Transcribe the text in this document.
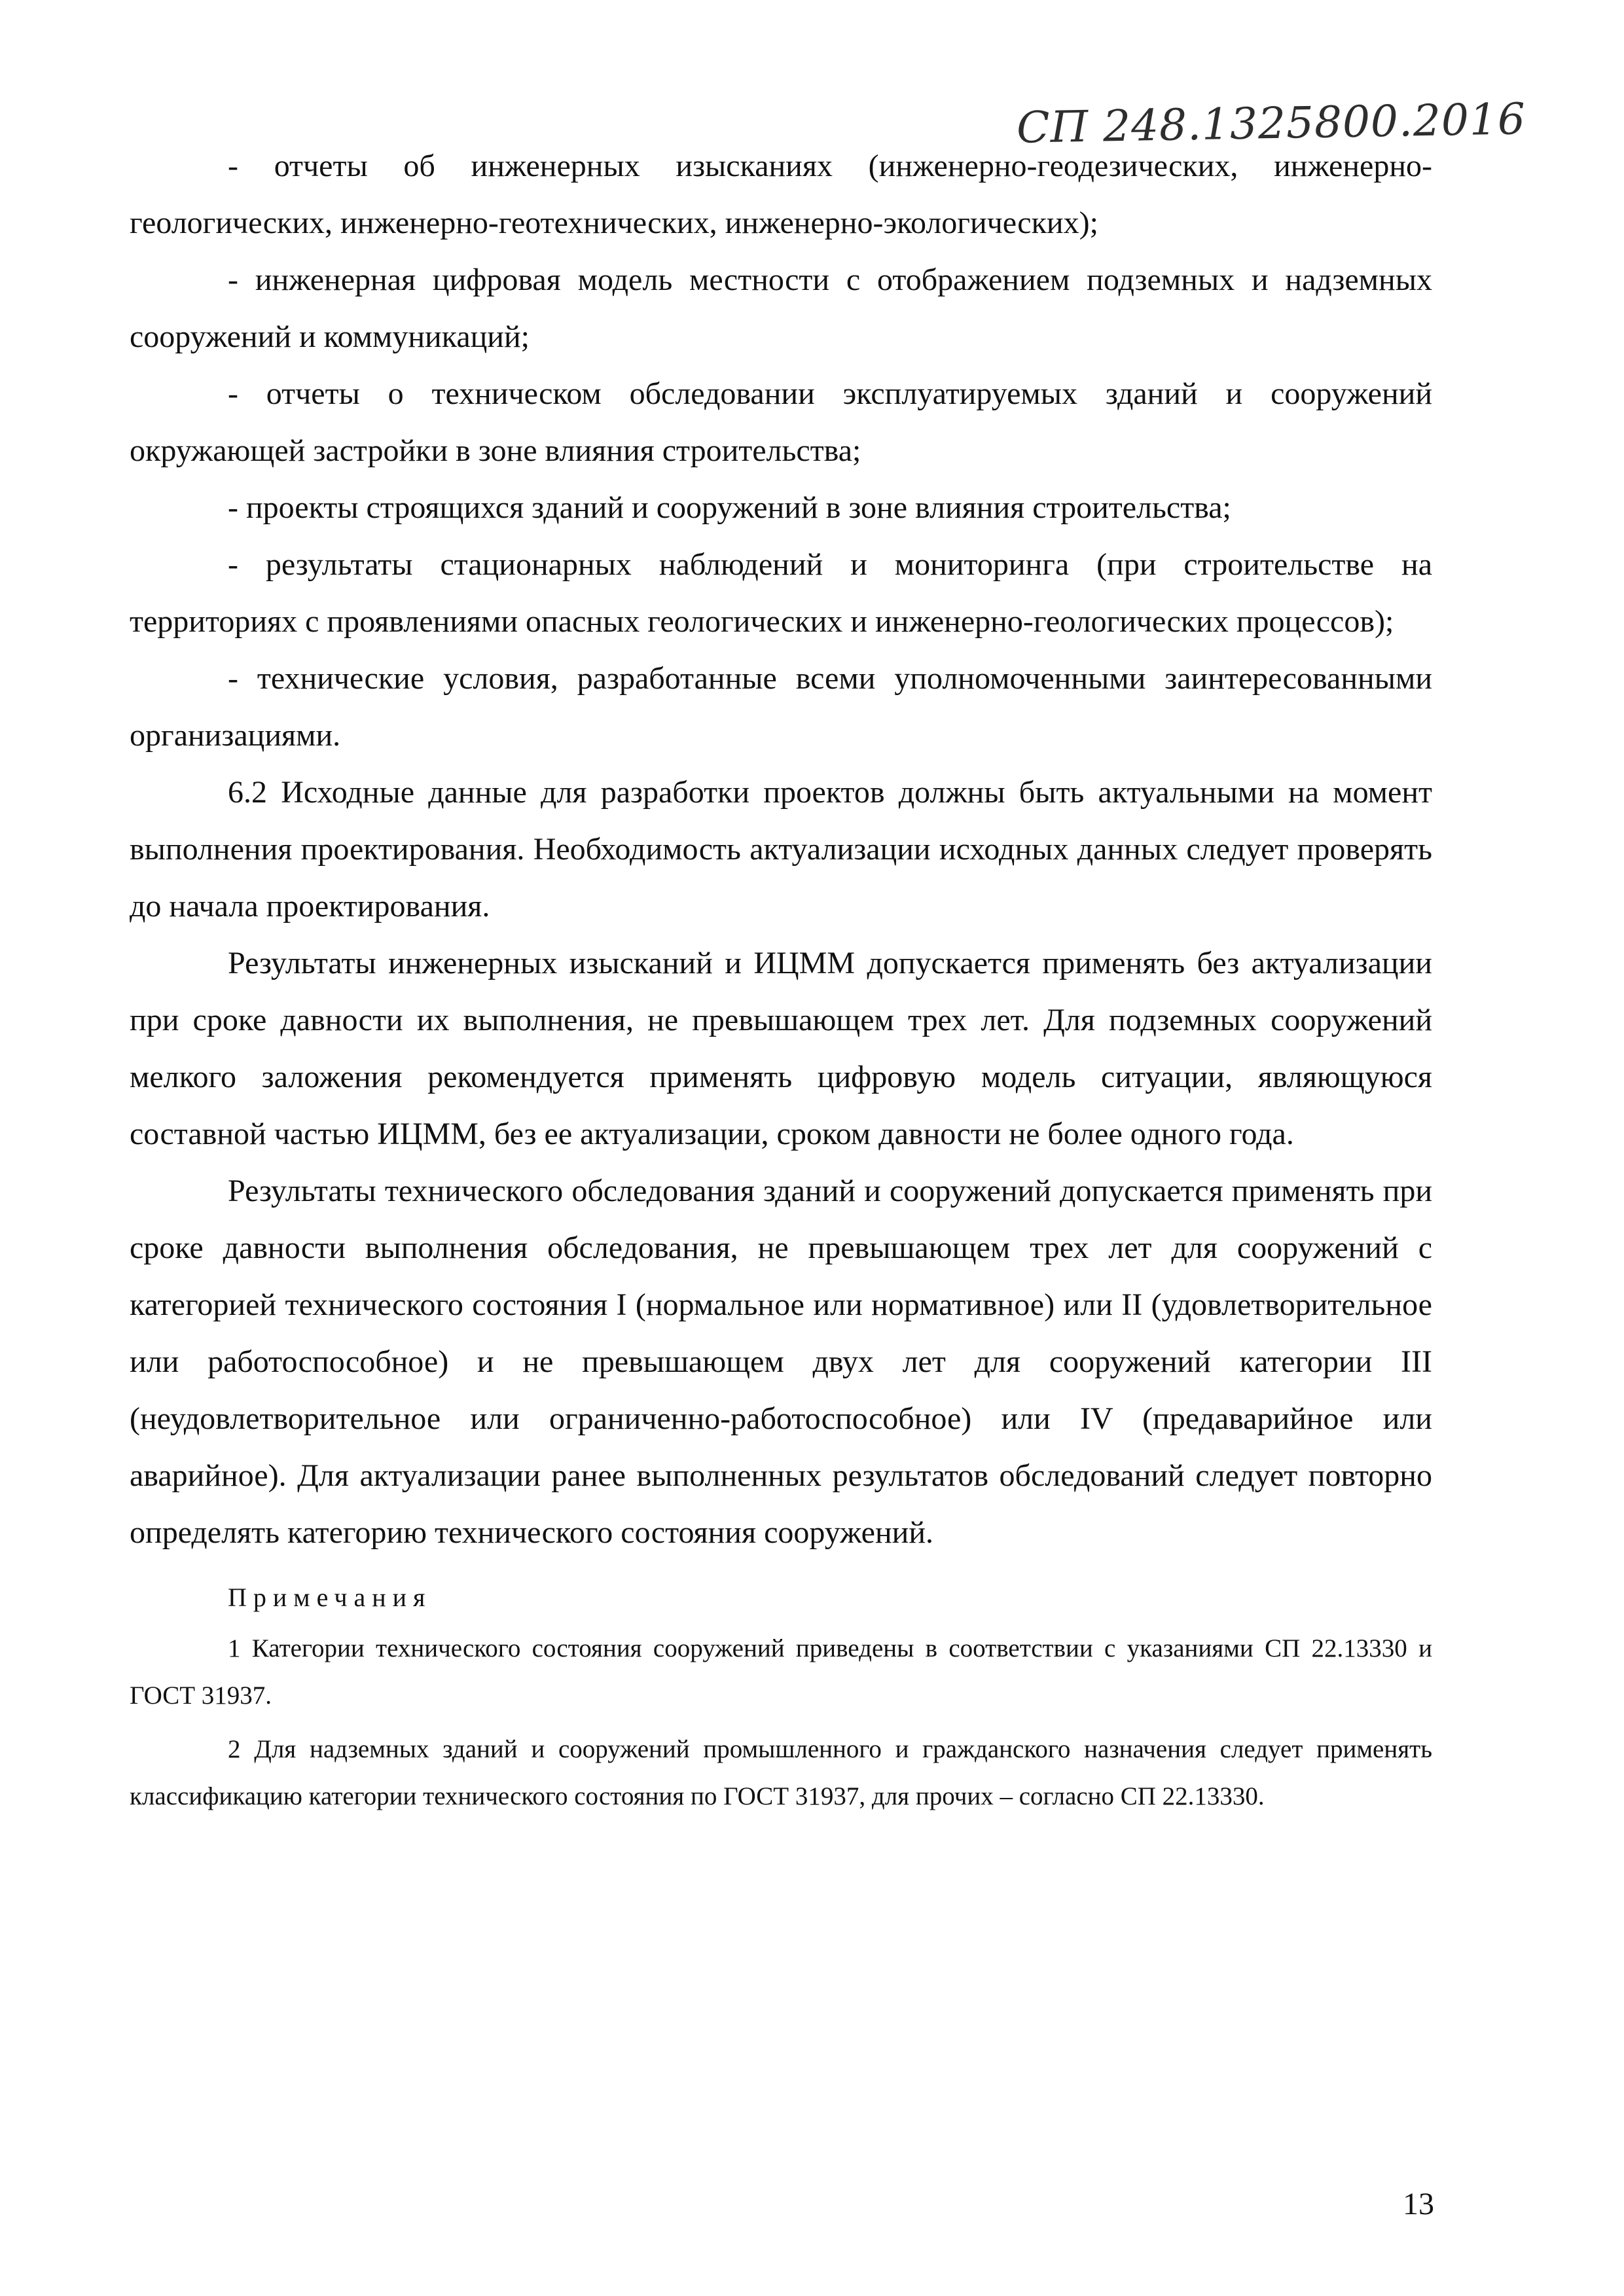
СП 248.1325800.2016

- отчеты об инженерных изысканиях (инженерно-геодезических, инженерно-геологических, инженерно-геотехнических, инженерно-экологических);

- инженерная цифровая модель местности с отображением подземных и надземных сооружений и коммуникаций;

- отчеты о техническом обследовании эксплуатируемых зданий и сооружений окружающей застройки в зоне влияния строительства;

- проекты строящихся зданий и сооружений в зоне влияния строительства;

- результаты стационарных наблюдений и мониторинга (при строительстве на территориях с проявлениями опасных геологических и инженерно-геологических процессов);

- технические условия, разработанные всеми уполномоченными заинтересованными организациями.

6.2 Исходные данные для разработки проектов должны быть актуальными на момент выполнения проектирования. Необходимость актуализации исходных данных следует проверять до начала проектирования.

Результаты инженерных изысканий и ИЦММ допускается применять без актуализации при сроке давности их выполнения, не превышающем трех лет. Для подземных сооружений мелкого заложения рекомендуется применять цифровую модель ситуации, являющуюся составной частью ИЦММ, без ее актуализации, сроком давности не более одного года.

Результаты технического обследования зданий и сооружений допускается применять при сроке давности выполнения обследования, не превышающем трех лет для сооружений с категорией технического состояния I (нормальное или нормативное) или II (удовлетворительное или работоспособное) и не превышающем двух лет для сооружений категории III (неудовлетворительное или ограниченно-работоспособное) или IV (предаварийное или аварийное). Для актуализации ранее выполненных результатов обследований следует повторно определять категорию технического состояния сооружений.

Примечания

1 Категории технического состояния сооружений приведены в соответствии с указаниями СП 22.13330 и ГОСТ 31937.

2 Для надземных зданий и сооружений промышленного и гражданского назначения следует применять классификацию категории технического состояния по ГОСТ 31937, для прочих – согласно СП 22.13330.

13
